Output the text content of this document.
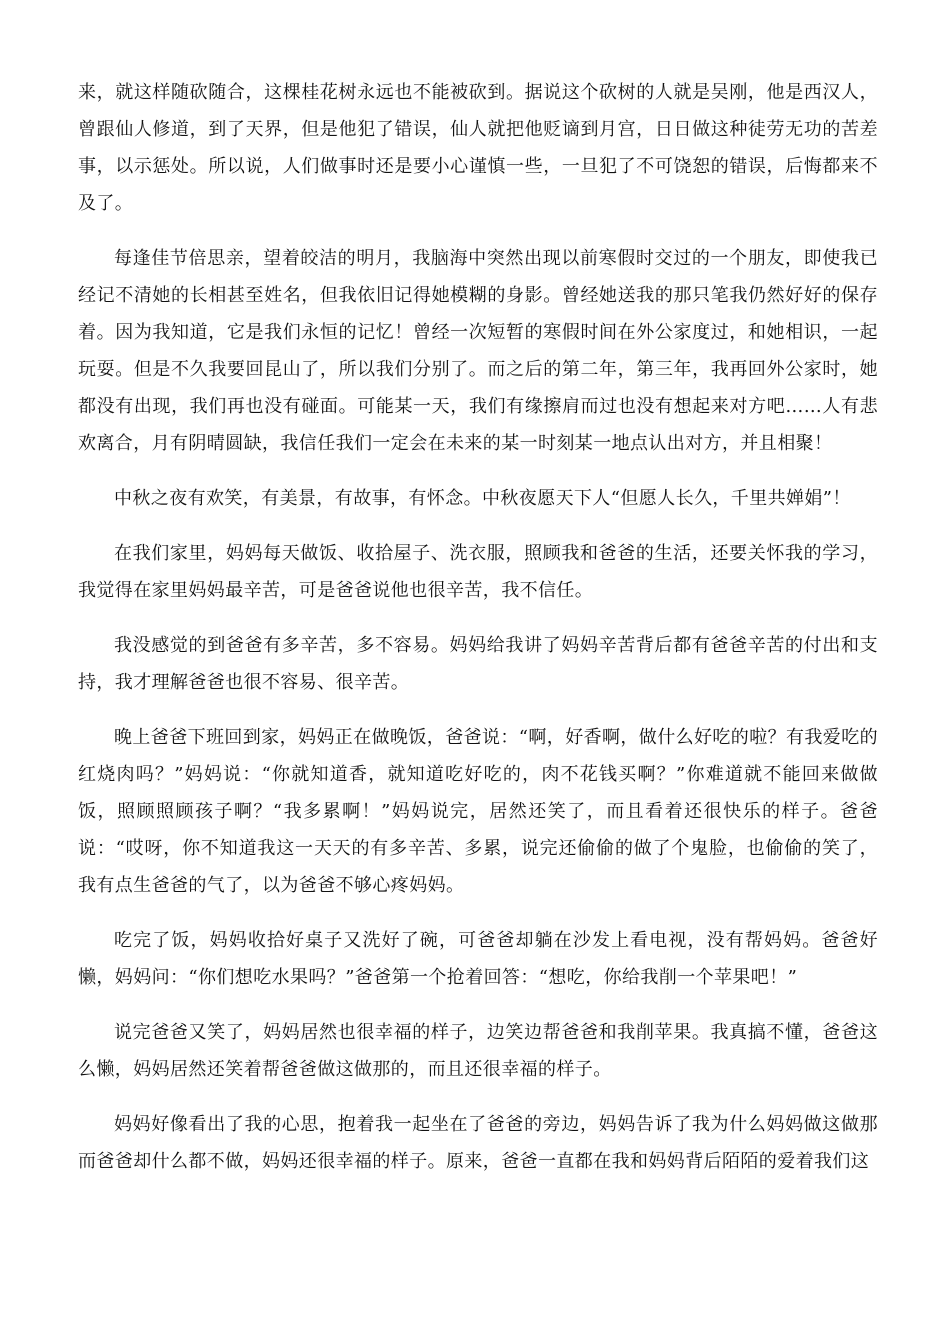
来，就这样随砍随合，这棵桂花树永远也不能被砍到。据说这个砍树的人就是吴刚，他是西汉人，曾跟仙人修道，到了天界，但是他犯了错误，仙人就把他贬谪到月宫，日日做这种徒劳无功的苦差事，以示惩处。所以说，人们做事时还是要小心谨慎一些，一旦犯了不可饶恕的错误，后悔都来不及了。

每逢佳节倍思亲，望着皎洁的明月，我脑海中突然出现以前寒假时交过的一个朋友，即使我已经记不清她的长相甚至姓名，但我依旧记得她模糊的身影。曾经她送我的那只笔我仍然好好的保存着。因为我知道，它是我们永恒的记忆！曾经一次短暂的寒假时间在外公家度过，和她相识，一起玩耍。但是不久我要回昆山了，所以我们分别了。而之后的第二年，第三年，我再回外公家时，她都没有出现，我们再也没有碰面。可能某一天，我们有缘擦肩而过也没有想起来对方吧……人有悲欢离合，月有阴晴圆缺，我信任我们一定会在未来的某一时刻某一地点认出对方，并且相聚！

中秋之夜有欢笑，有美景，有故事，有怀念。中秋夜愿天下人“但愿人长久，千里共婵娟”！

在我们家里，妈妈每天做饭、收拾屋子、洗衣服，照顾我和爸爸的生活，还要关怀我的学习，我觉得在家里妈妈最辛苦，可是爸爸说他也很辛苦，我不信任。

我没感觉的到爸爸有多辛苦，多不容易。妈妈给我讲了妈妈辛苦背后都有爸爸辛苦的付出和支持，我才理解爸爸也很不容易、很辛苦。

晚上爸爸下班回到家，妈妈正在做晚饭，爸爸说：“啊，好香啊，做什么好吃的啦？有我爱吃的红烧肉吗？”妈妈说：“你就知道香，就知道吃好吃的，肉不花钱买啊？”你难道就不能回来做做饭，照顾照顾孩子啊？“我多累啊！”妈妈说完，居然还笑了，而且看着还很快乐的样子。爸爸说：“哎呀，你不知道我这一天天的有多辛苦、多累，说完还偷偷的做了个鬼脸，也偷偷的笑了，我有点生爸爸的气了，以为爸爸不够心疼妈妈。

吃完了饭，妈妈收拾好桌子又洗好了碗，可爸爸却躺在沙发上看电视，没有帮妈妈。爸爸好懒，妈妈问：“你们想吃水果吗？”爸爸第一个抢着回答：“想吃，你给我削一个苹果吧！”

说完爸爸又笑了，妈妈居然也很幸福的样子，边笑边帮爸爸和我削苹果。我真搞不懂，爸爸这么懒，妈妈居然还笑着帮爸爸做这做那的，而且还很幸福的样子。

妈妈好像看出了我的心思，抱着我一起坐在了爸爸的旁边，妈妈告诉了我为什么妈妈做这做那而爸爸却什么都不做，妈妈还很幸福的样子。原来，爸爸一直都在我和妈妈背后陌陌的爱着我们这
